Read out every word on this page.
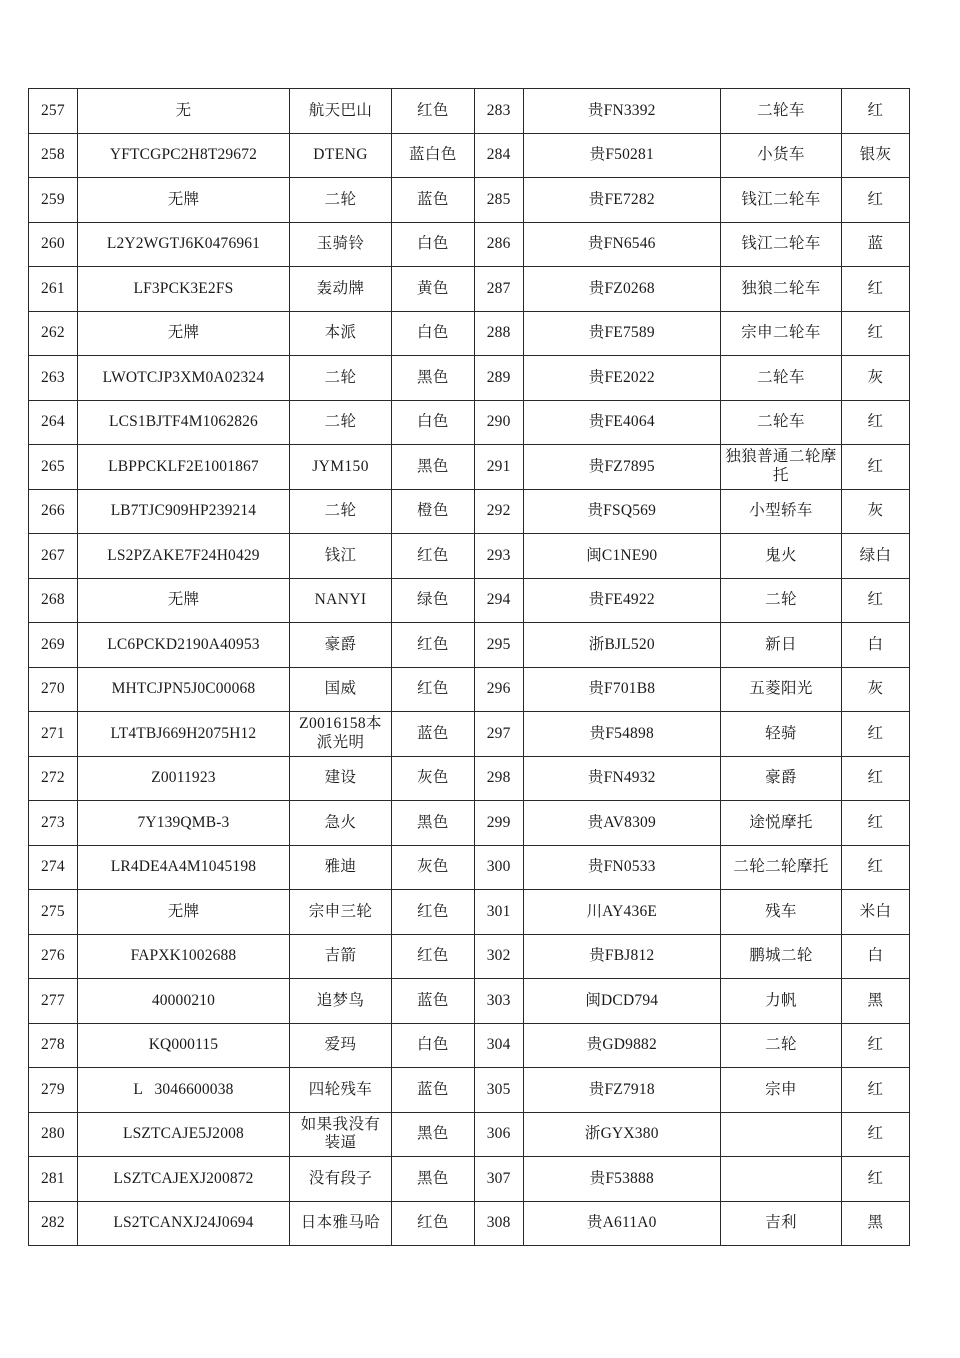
257	无	航天巴山	红色	283	贵FN3392	二轮车	红
258	YFTCGPC2H8T29672	DTENG	蓝白色	284	贵F50281	小货车	银灰
259	无牌	二轮	蓝色	285	贵FE7282	钱江二轮车	红
260	L2Y2WGTJ6K0476961	玉骑铃	白色	286	贵FN6546	钱江二轮车	蓝
261	LF3PCK3E2FS	轰动牌	黄色	287	贵FZ0268	独狼二轮车	红
262	无牌	本派	白色	288	贵FE7589	宗申二轮车	红
263	LWOTCJP3XM0A02324	二轮	黑色	289	贵FE2022	二轮车	灰
264	LCS1BJTF4M1062826	二轮	白色	290	贵FE4064	二轮车	红
265	LBPPCKLF2E1001867	JYM150	黑色	291	贵FZ7895	独狼普通二轮摩托	红
266	LB7TJC909HP239214	二轮	橙色	292	贵FSQ569	小型轿车	灰
267	LS2PZAKE7F24H0429	钱江	红色	293	闽C1NE90	鬼火	绿白
268	无牌	NANYI	绿色	294	贵FE4922	二轮	红
269	LC6PCKD2190A40953	豪爵	红色	295	浙BJL520	新日	白
270	MHTCJPN5J0C00068	国威	红色	296	贵F701B8	五菱阳光	灰
271	LT4TBJ669H2075H12	Z0016158本派光明	蓝色	297	贵F54898	轻骑	红
272	Z0011923	建设	灰色	298	贵FN4932	豪爵	红
273	7Y139QMB-3	急火	黑色	299	贵AV8309	途悦摩托	红
274	LR4DE4A4M1045198	雅迪	灰色	300	贵FN0533	二轮二轮摩托	红
275	无牌	宗申三轮	红色	301	川AY436E	残车	米白
276	FAPXK1002688	吉箭	红色	302	贵FBJ812	鹏城二轮	白
277	40000210	追梦鸟	蓝色	303	闽DCD794	力帆	黑
278	KQ000115	爱玛	白色	304	贵GD9882	二轮	红
279	L   3046600038	四轮残车	蓝色	305	贵FZ7918	宗申	红
280	LSZTCAJE5J2008	如果我没有装逼	黑色	306	浙GYX380		红
281	LSZTCAJEXJ200872	没有段子	黑色	307	贵F53888		红
282	LS2TCANXJ24J0694	日本雅马哈	红色	308	贵A611A0	吉利	黑
